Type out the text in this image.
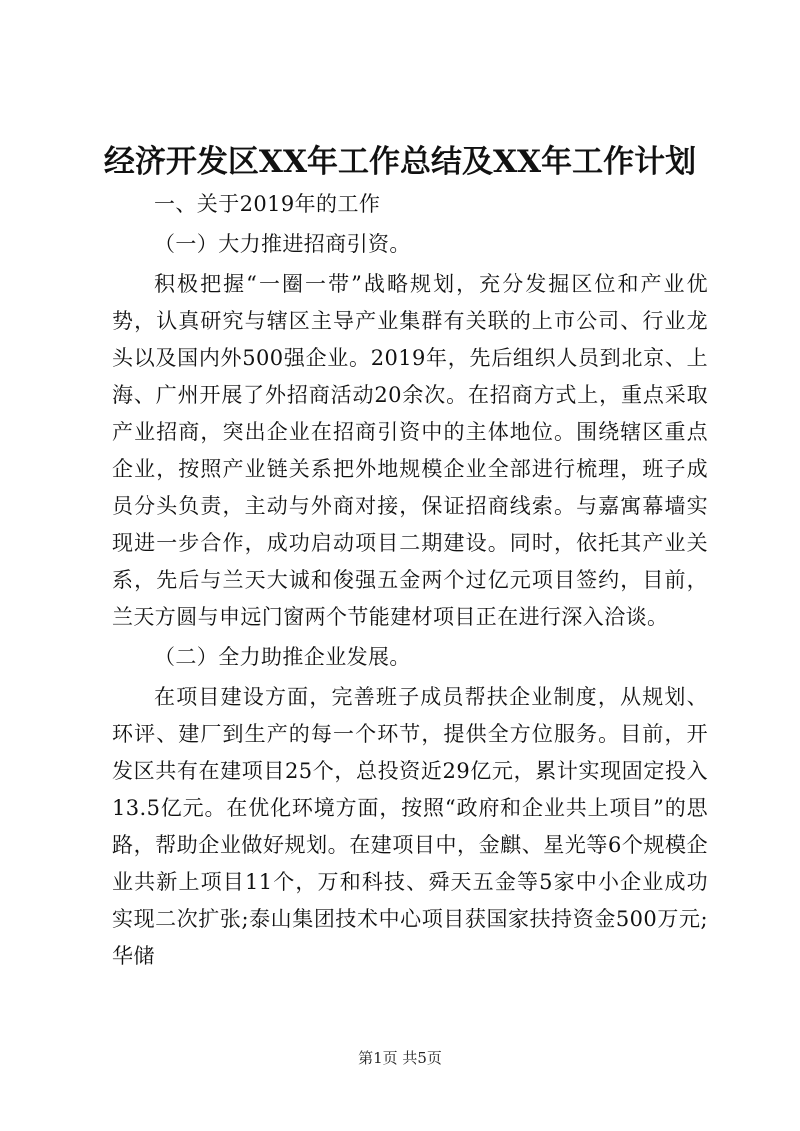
经济开发区XX年工作总结及XX年工作计划

一、关于2019年的工作

（一）大力推进招商引资。

积极把握“一圈一带”战略规划，充分发掘区位和产业优势，认真研究与辖区主导产业集群有关联的上市公司、行业龙头以及国内外500强企业。2019年，先后组织人员到北京、上海、广州开展了外招商活动20余次。在招商方式上，重点采取产业招商，突出企业在招商引资中的主体地位。围绕辖区重点企业，按照产业链关系把外地规模企业全部进行梳理，班子成员分头负责，主动与外商对接，保证招商线索。与嘉寓幕墙实现进一步合作，成功启动项目二期建设。同时，依托其产业关系，先后与兰天大诚和俊强五金两个过亿元项目签约，目前，兰天方圆与申远门窗两个节能建材项目正在进行深入洽谈。

（二）全力助推企业发展。

在项目建设方面，完善班子成员帮扶企业制度，从规划、环评、建厂到生产的每一个环节，提供全方位服务。目前，开发区共有在建项目25个，总投资近29亿元，累计实现固定投入13.5亿元。在优化环境方面，按照“政府和企业共上项目”的思路，帮助企业做好规划。在建项目中，金麒、星光等6个规模企业共新上项目11个，万和科技、舜天五金等5家中小企业成功实现二次扩张;泰山集团技术中心项目获国家扶持资金500万元;华储

第1页 共5页
